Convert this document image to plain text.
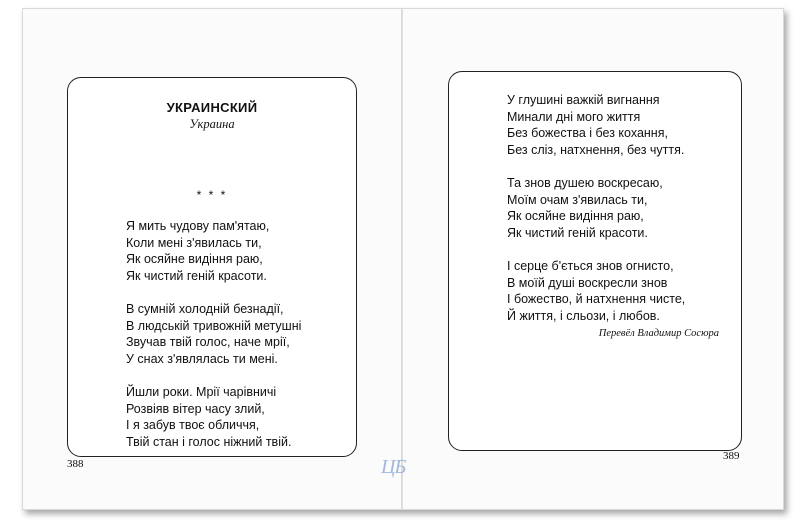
УКРАИНСКИЙ
Украина
* * *
Я мить чудову пам'ятаю,
Коли мені з'явилась ти,
Як осяйне видіння раю,
Як чистий геній красоти.
В сумній холодній безнадії,
В людській тривожній метушні
Звучав твій голос, наче мрії,
У снах з'являлась ти мені.
Йшли роки. Мрії чарівничі
Розвіяв вітер часу злий,
І я забув твоє обличчя,
Твій стан і голос ніжний твій.
У глушині важкій вигнання
Минали дні мого життя
Без божества і без кохання,
Без сліз, натхнення, без чуття.
Та знов душею воскресаю,
Моїм очам з'явилась ти,
Як осяйне видіння раю,
Як чистий геній красоти.
І серце б'ється знов огнисто,
В моїй душі воскресли знов
І божество, й натхнення чисте,
Й життя, і сльози, і любов.
Перевёл Владимир Сосюра
388
389
ЦБ
